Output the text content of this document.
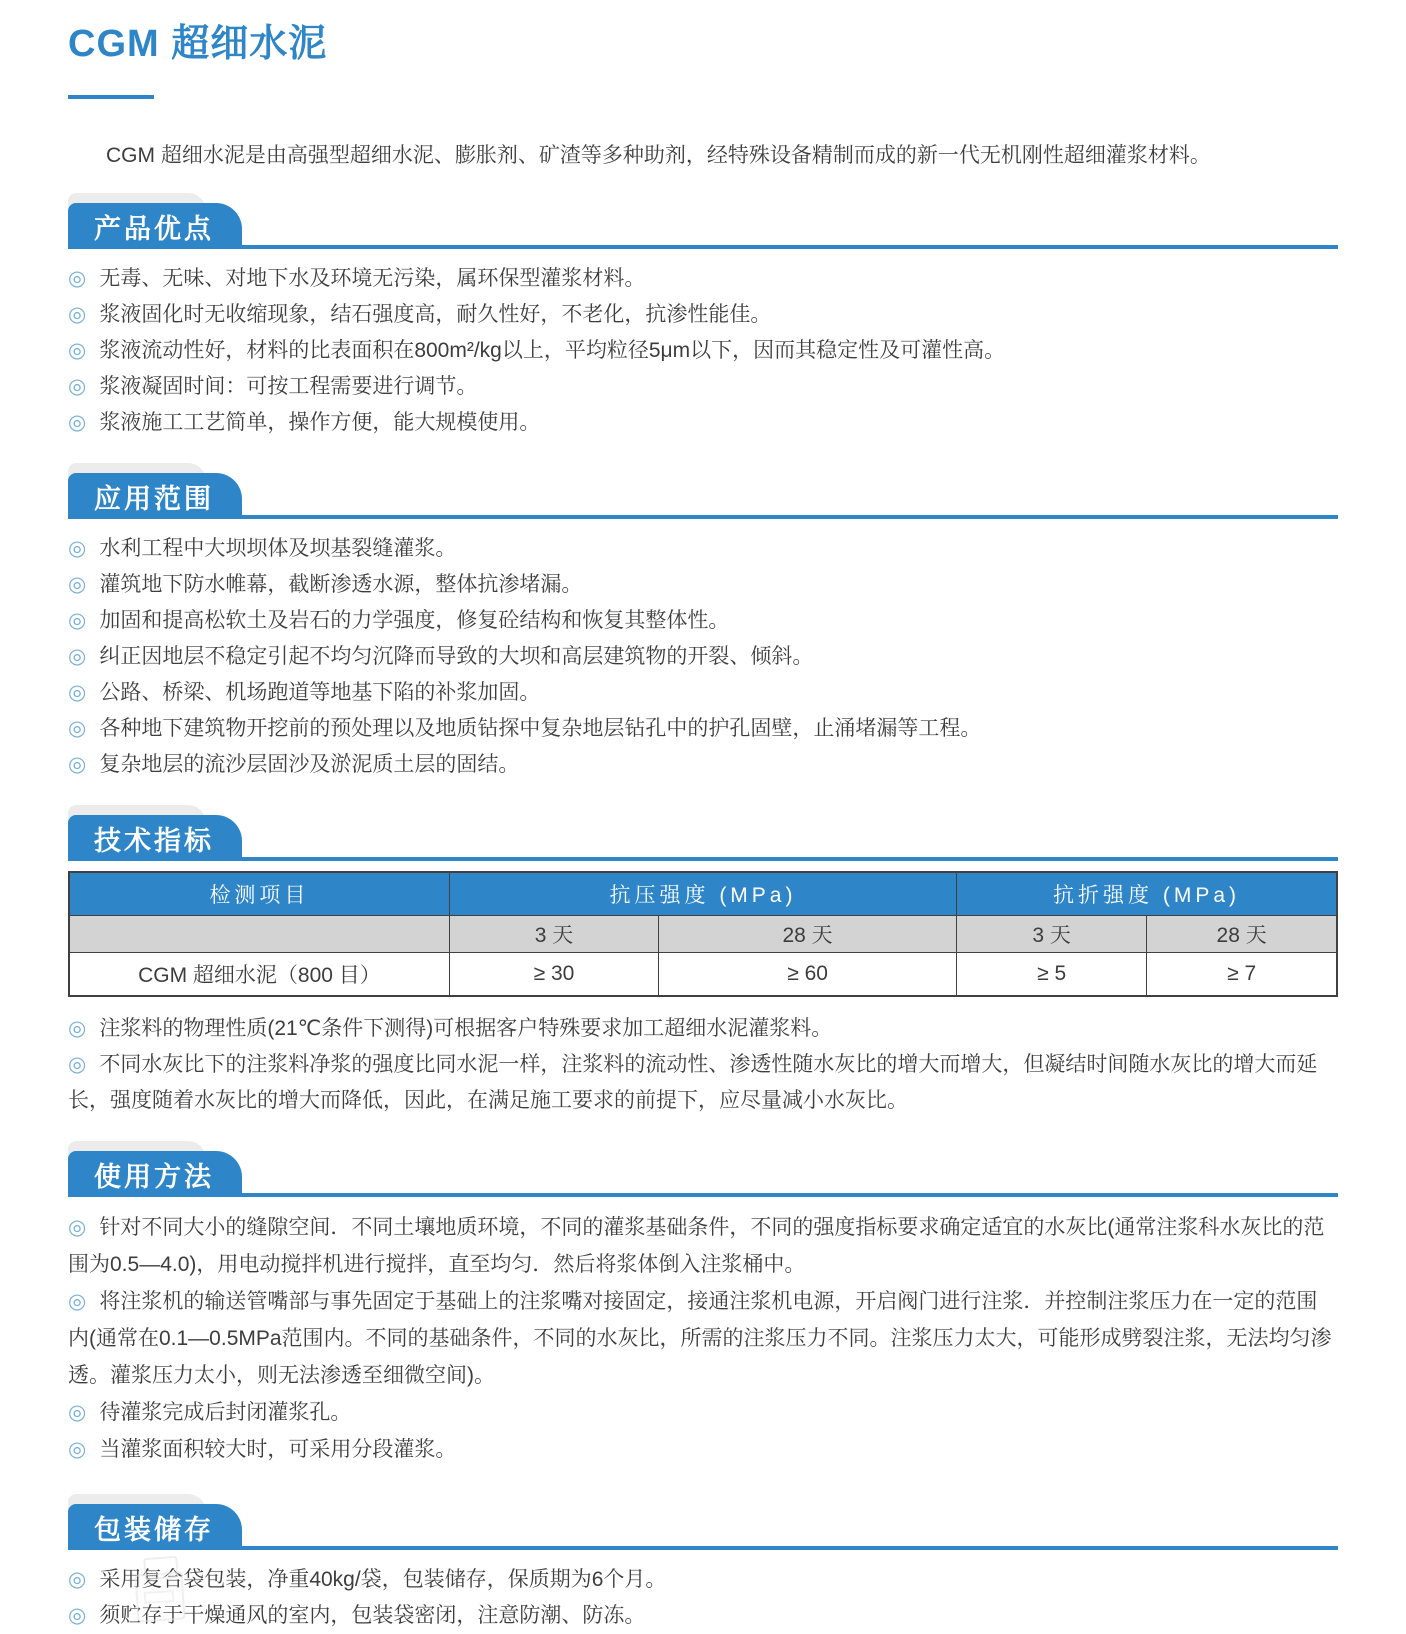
CGM 超细水泥

CGM 超细水泥是由高强型超细水泥、膨胀剂、矿渣等多种助剂，经特殊设备精制而成的新一代无机刚性超细灌浆材料。

产品优点

◎ 无毒、无味、对地下水及环境无污染，属环保型灌浆材料。

◎ 浆液固化时无收缩现象，结石强度高，耐久性好，不老化，抗渗性能佳。

◎ 浆液流动性好，材料的比表面积在800m²/kg以上，平均粒径5μm以下，因而其稳定性及可灌性高。

◎ 浆液凝固时间：可按工程需要进行调节。

◎ 浆液施工工艺简单，操作方便，能大规模使用。

应用范围

◎ 水利工程中大坝坝体及坝基裂缝灌浆。

◎ 灌筑地下防水帷幕，截断渗透水源，整体抗渗堵漏。

◎ 加固和提高松软土及岩石的力学强度，修复砼结构和恢复其整体性。

◎ 纠正因地层不稳定引起不均匀沉降而导致的大坝和高层建筑物的开裂、倾斜。

◎ 公路、桥梁、机场跑道等地基下陷的补浆加固。

◎ 各种地下建筑物开挖前的预处理以及地质钻探中复杂地层钻孔中的护孔固壁，止涌堵漏等工程。

◎ 复杂地层的流沙层固沙及淤泥质土层的固结。

技术指标
检测项目	抗压强度 (MPa)		抗折强度 (MPa)	
	3 天	28 天	3 天	28 天
CGM 超细水泥（800 目）	≥ 30	≥ 60	≥ 5	≥ 7

◎ 注浆料的物理性质(21℃条件下测得)可根据客户特殊要求加工超细水泥灌浆料。

◎ 不同水灰比下的注浆料净浆的强度比同水泥一样，注浆料的流动性、渗透性随水灰比的增大而增大，但凝结时间随水灰比的增大而延长，强度随着水灰比的增大而降低，因此，在满足施工要求的前提下，应尽量减小水灰比。

使用方法

◎ 针对不同大小的缝隙空间．不同土壤地质环境，不同的灌浆基础条件，不同的强度指标要求确定适宜的水灰比(通常注浆科水灰比的范围为0.5—4.0)，用电动搅拌机进行搅拌，直至均匀．然后将浆体倒入注浆桶中。

◎ 将注浆机的输送管嘴部与事先固定于基础上的注浆嘴对接固定，接通注浆机电源，开启阀门进行注浆．并控制注浆压力在一定的范围内(通常在0.1—0.5MPa范围内。不同的基础条件，不同的水灰比，所需的注浆压力不同。注浆压力太大，可能形成劈裂注浆，无法均匀渗透。灌浆压力太小，则无法渗透至细微空间)。

◎ 待灌浆完成后封闭灌浆孔。

◎ 当灌浆面积较大时，可采用分段灌浆。

包装储存

◎ 采用复合袋包装，净重40kg/袋，包装储存，保质期为6个月。

◎ 须贮存于干燥通风的室内，包装袋密闭，注意防潮、防冻。
